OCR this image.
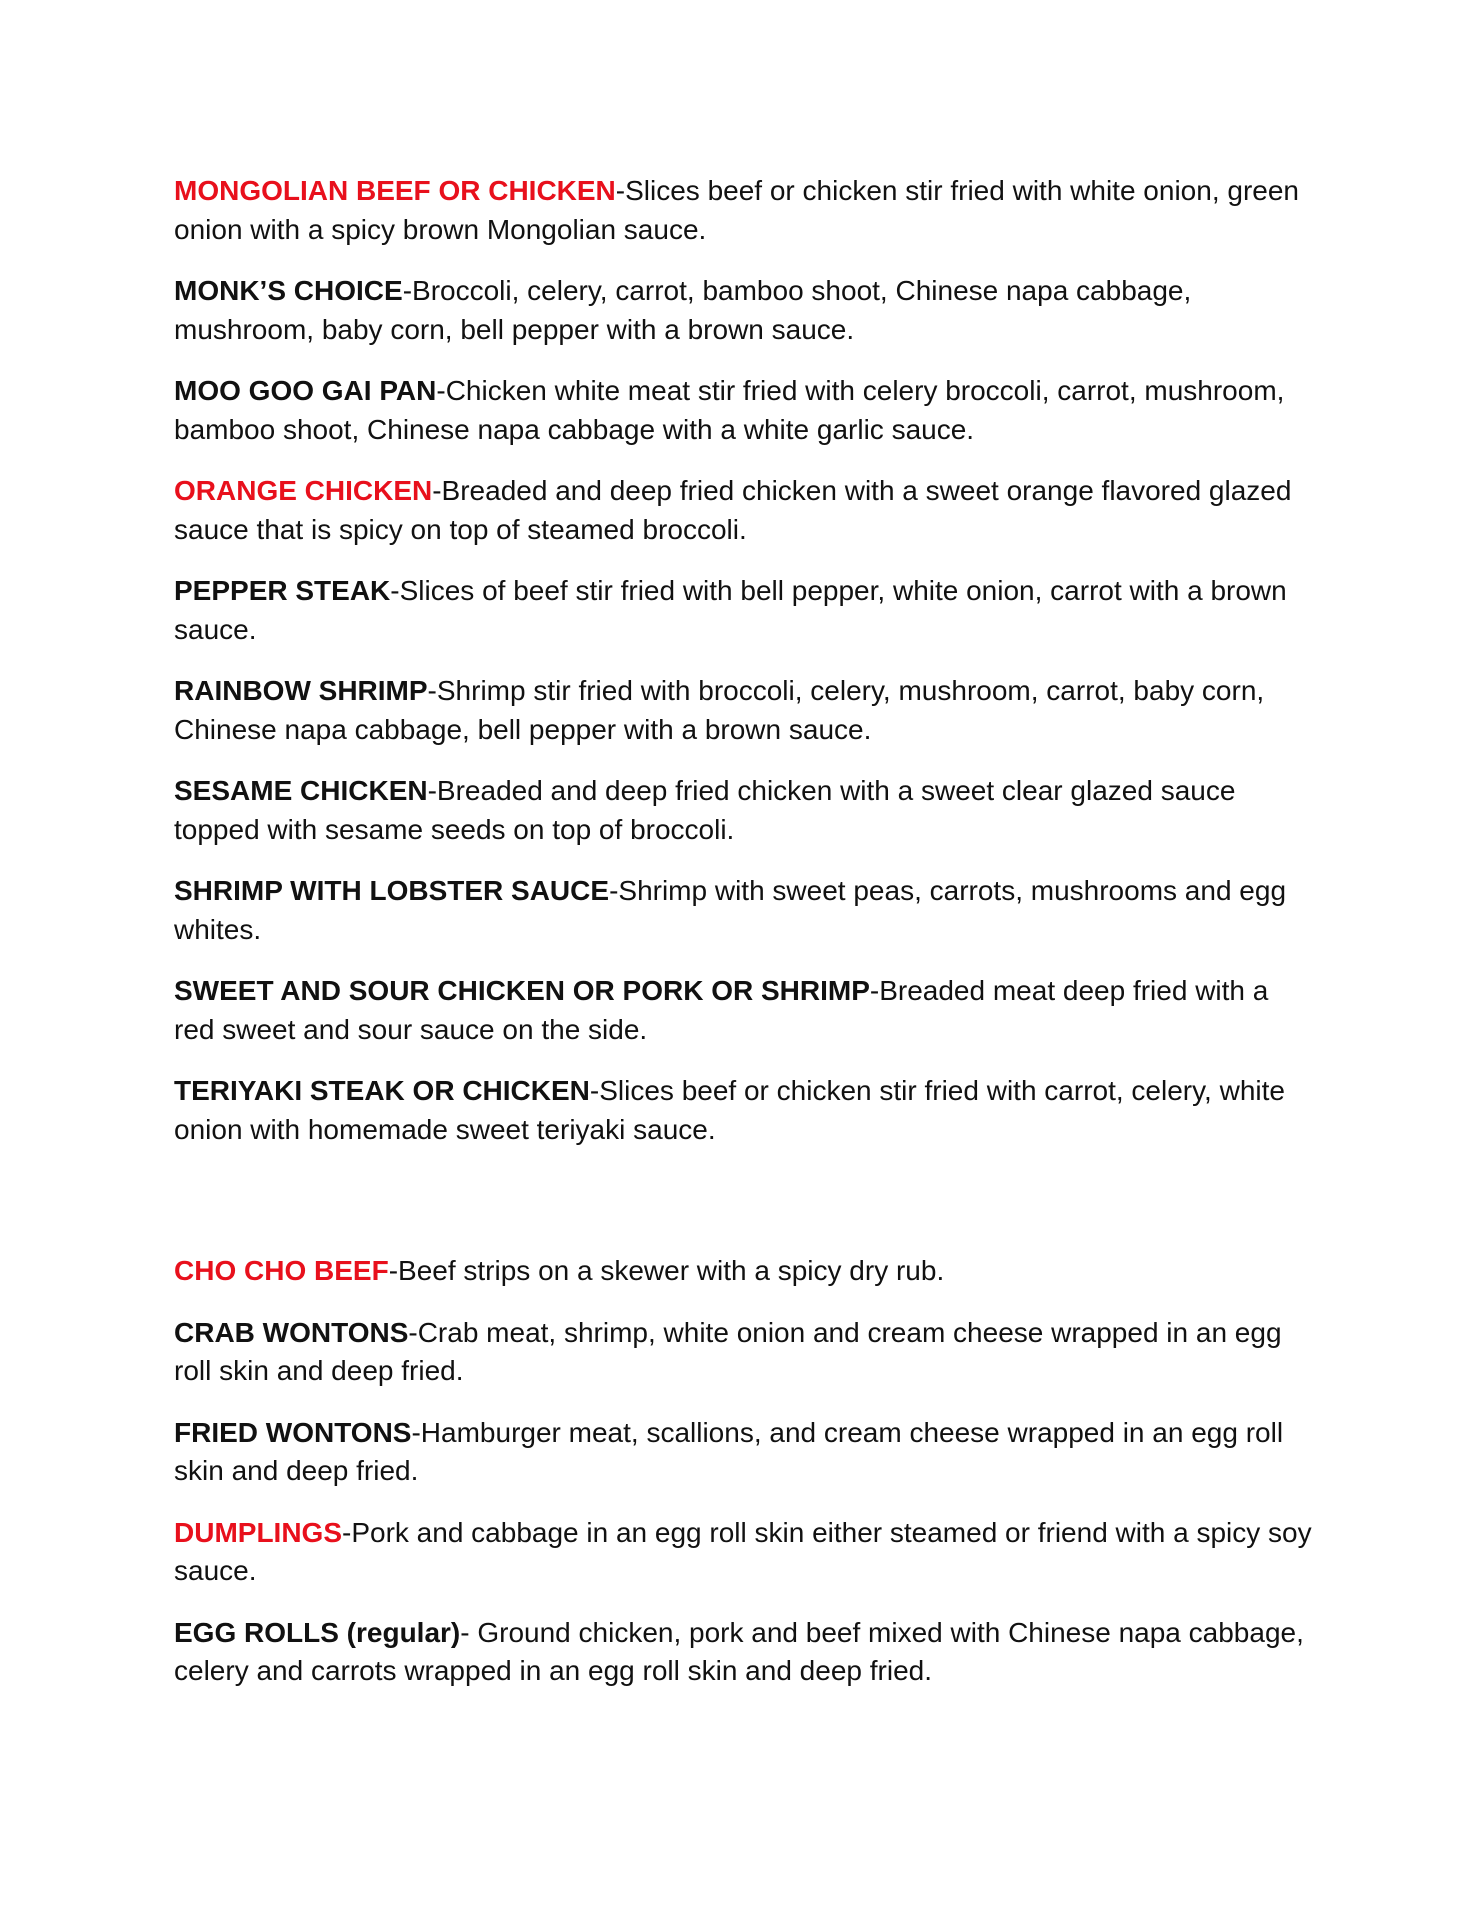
MONGOLIAN BEEF OR CHICKEN-Slices beef or chicken stir fried with white onion, green onion with a spicy brown Mongolian sauce.

MONK’S CHOICE-Broccoli, celery, carrot, bamboo shoot, Chinese napa cabbage, mushroom, baby corn, bell pepper with a brown sauce.

MOO GOO GAI PAN-Chicken white meat stir fried with celery broccoli, carrot, mushroom, bamboo shoot, Chinese napa cabbage with a white garlic sauce.

ORANGE CHICKEN-Breaded and deep fried chicken with a sweet orange flavored glazed sauce that is spicy on top of steamed broccoli.

PEPPER STEAK-Slices of beef stir fried with bell pepper, white onion, carrot with a brown sauce.

RAINBOW SHRIMP-Shrimp stir fried with broccoli, celery, mushroom, carrot, baby corn, Chinese napa cabbage, bell pepper with a brown sauce.

SESAME CHICKEN-Breaded and deep fried chicken with a sweet clear glazed sauce topped with sesame seeds on top of broccoli.

SHRIMP WITH LOBSTER SAUCE-Shrimp with sweet peas, carrots, mushrooms and egg whites.

SWEET AND SOUR CHICKEN OR PORK OR SHRIMP-Breaded meat deep fried with a red sweet and sour sauce on the side.

TERIYAKI STEAK OR CHICKEN-Slices beef or chicken stir fried with carrot, celery, white onion with homemade sweet teriyaki sauce.

CHO CHO BEEF-Beef strips on a skewer with a spicy dry rub.

CRAB WONTONS-Crab meat, shrimp, white onion and cream cheese wrapped in an egg roll skin and deep fried.

FRIED WONTONS-Hamburger meat, scallions, and cream cheese wrapped in an egg roll skin and deep fried.

DUMPLINGS-Pork and cabbage in an egg roll skin either steamed or friend with a spicy soy sauce.

EGG ROLLS (regular)- Ground chicken, pork and beef mixed with Chinese napa cabbage, celery and carrots wrapped in an egg roll skin and deep fried.
